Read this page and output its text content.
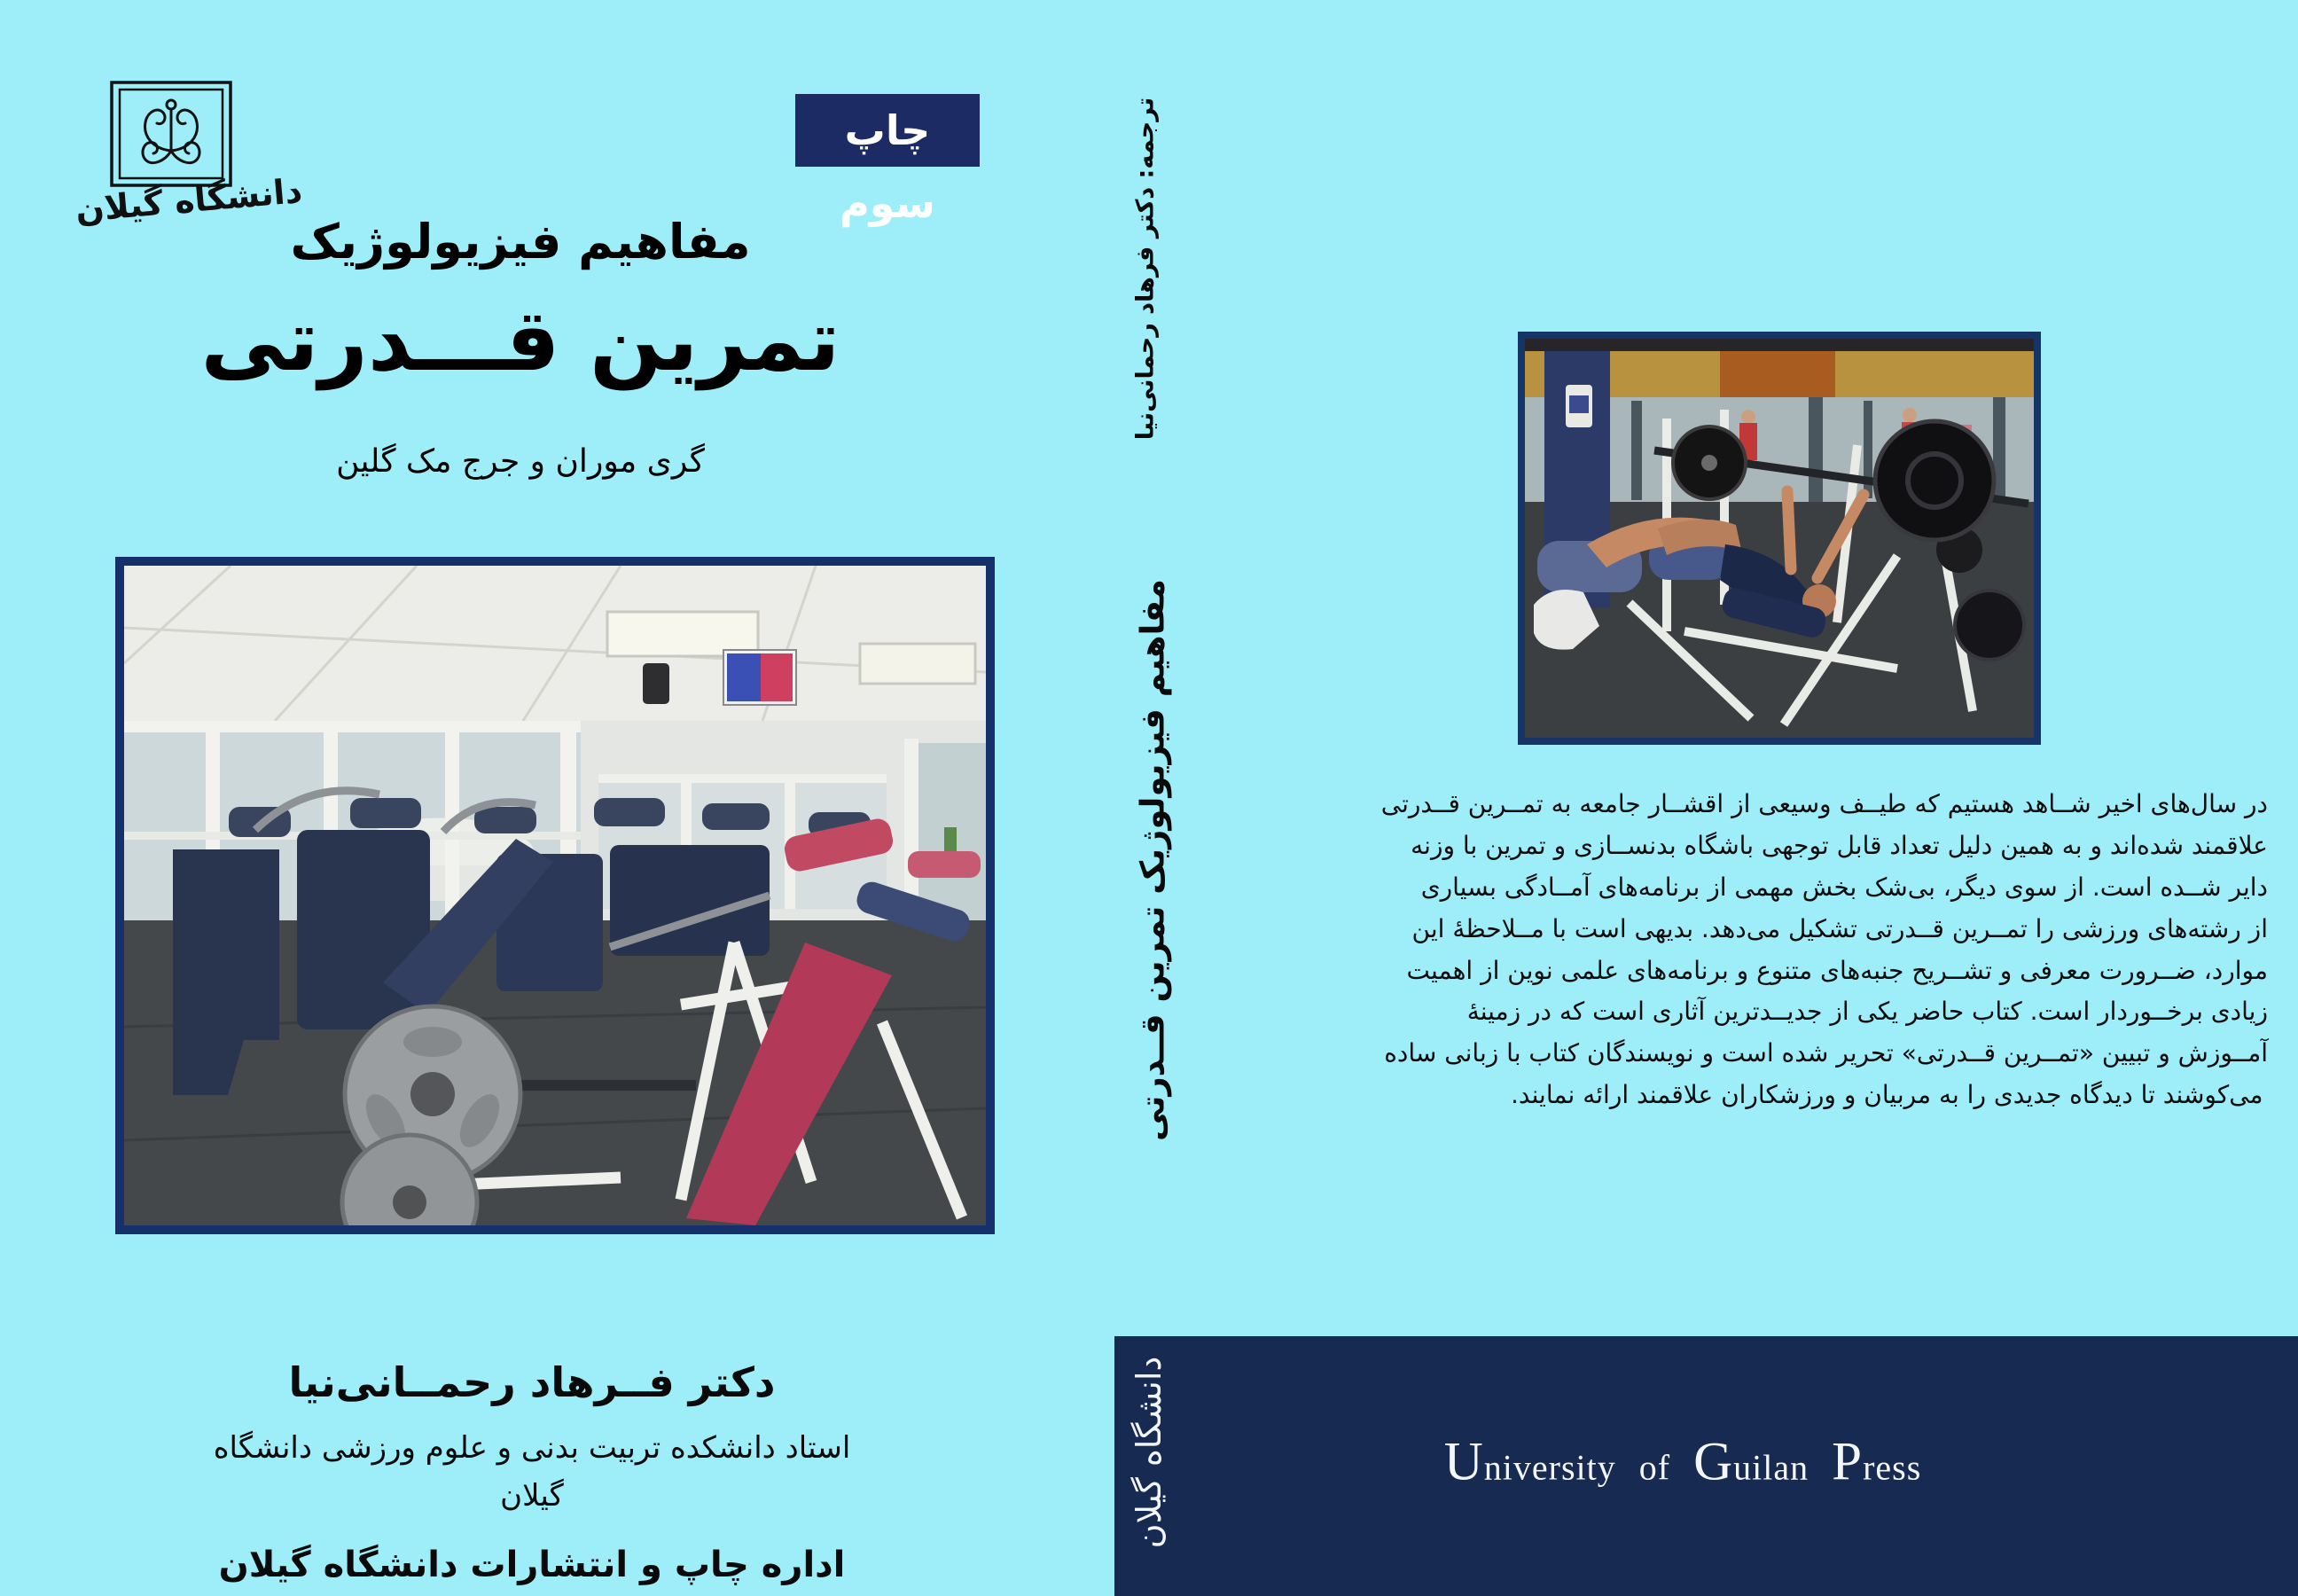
دانشگاه گیلان
چاپ سوم
مفاهیم فیزیولوژیک
تمرین قـــدرتی
گری موران و جرج مک گلین
دکتر فــرهاد رحمــانی‌نیا
استاد دانشکده تربیت بدنی و علوم ورزشی دانشگاه گیلان
اداره چاپ و انتشارات دانشگاه گیلان
ترجمه: دکتر فرهاد رحمانی‌نیا
مفاهیم فیزیولوژیک تمرین قــدرتی	در سال‌های اخیر شــاهد هستیم که طیــف وسیعی از اقشــار جامعه به تمــرین قــدرتی
علاقمند شده‌اند و به همین دلیل تعداد قابل توجهی باشگاه بدنســازی و تمرین با وزنه
دایر شــده است. از سوی دیگر، بی‌شک بخش مهمی از برنامه‌های آمــادگی بسیاری
از رشته‌های ورزشی را تمــرین قــدرتی تشکیل می‌دهد. بدیهی است با مــلاحظهٔ این
موارد، ضــرورت معرفی و تشــریح جنبه‌های متنوع و برنامه‌های علمی نوین از اهمیت
زیادی برخــوردار است. کتاب حاضر یکی از جدیــدترین آثاری است که در زمینهٔ
آمــوزش و تبیین «تمــرین قــدرتی» تحریر شده است و نویسندگان کتاب با زبانی ساده
می‌کوشند تا دیدگاه جدیدی را به مربیان و ورزشکاران علاقمند ارائه نمایند.
دانشگاه گیلان	University of Guilan Press
